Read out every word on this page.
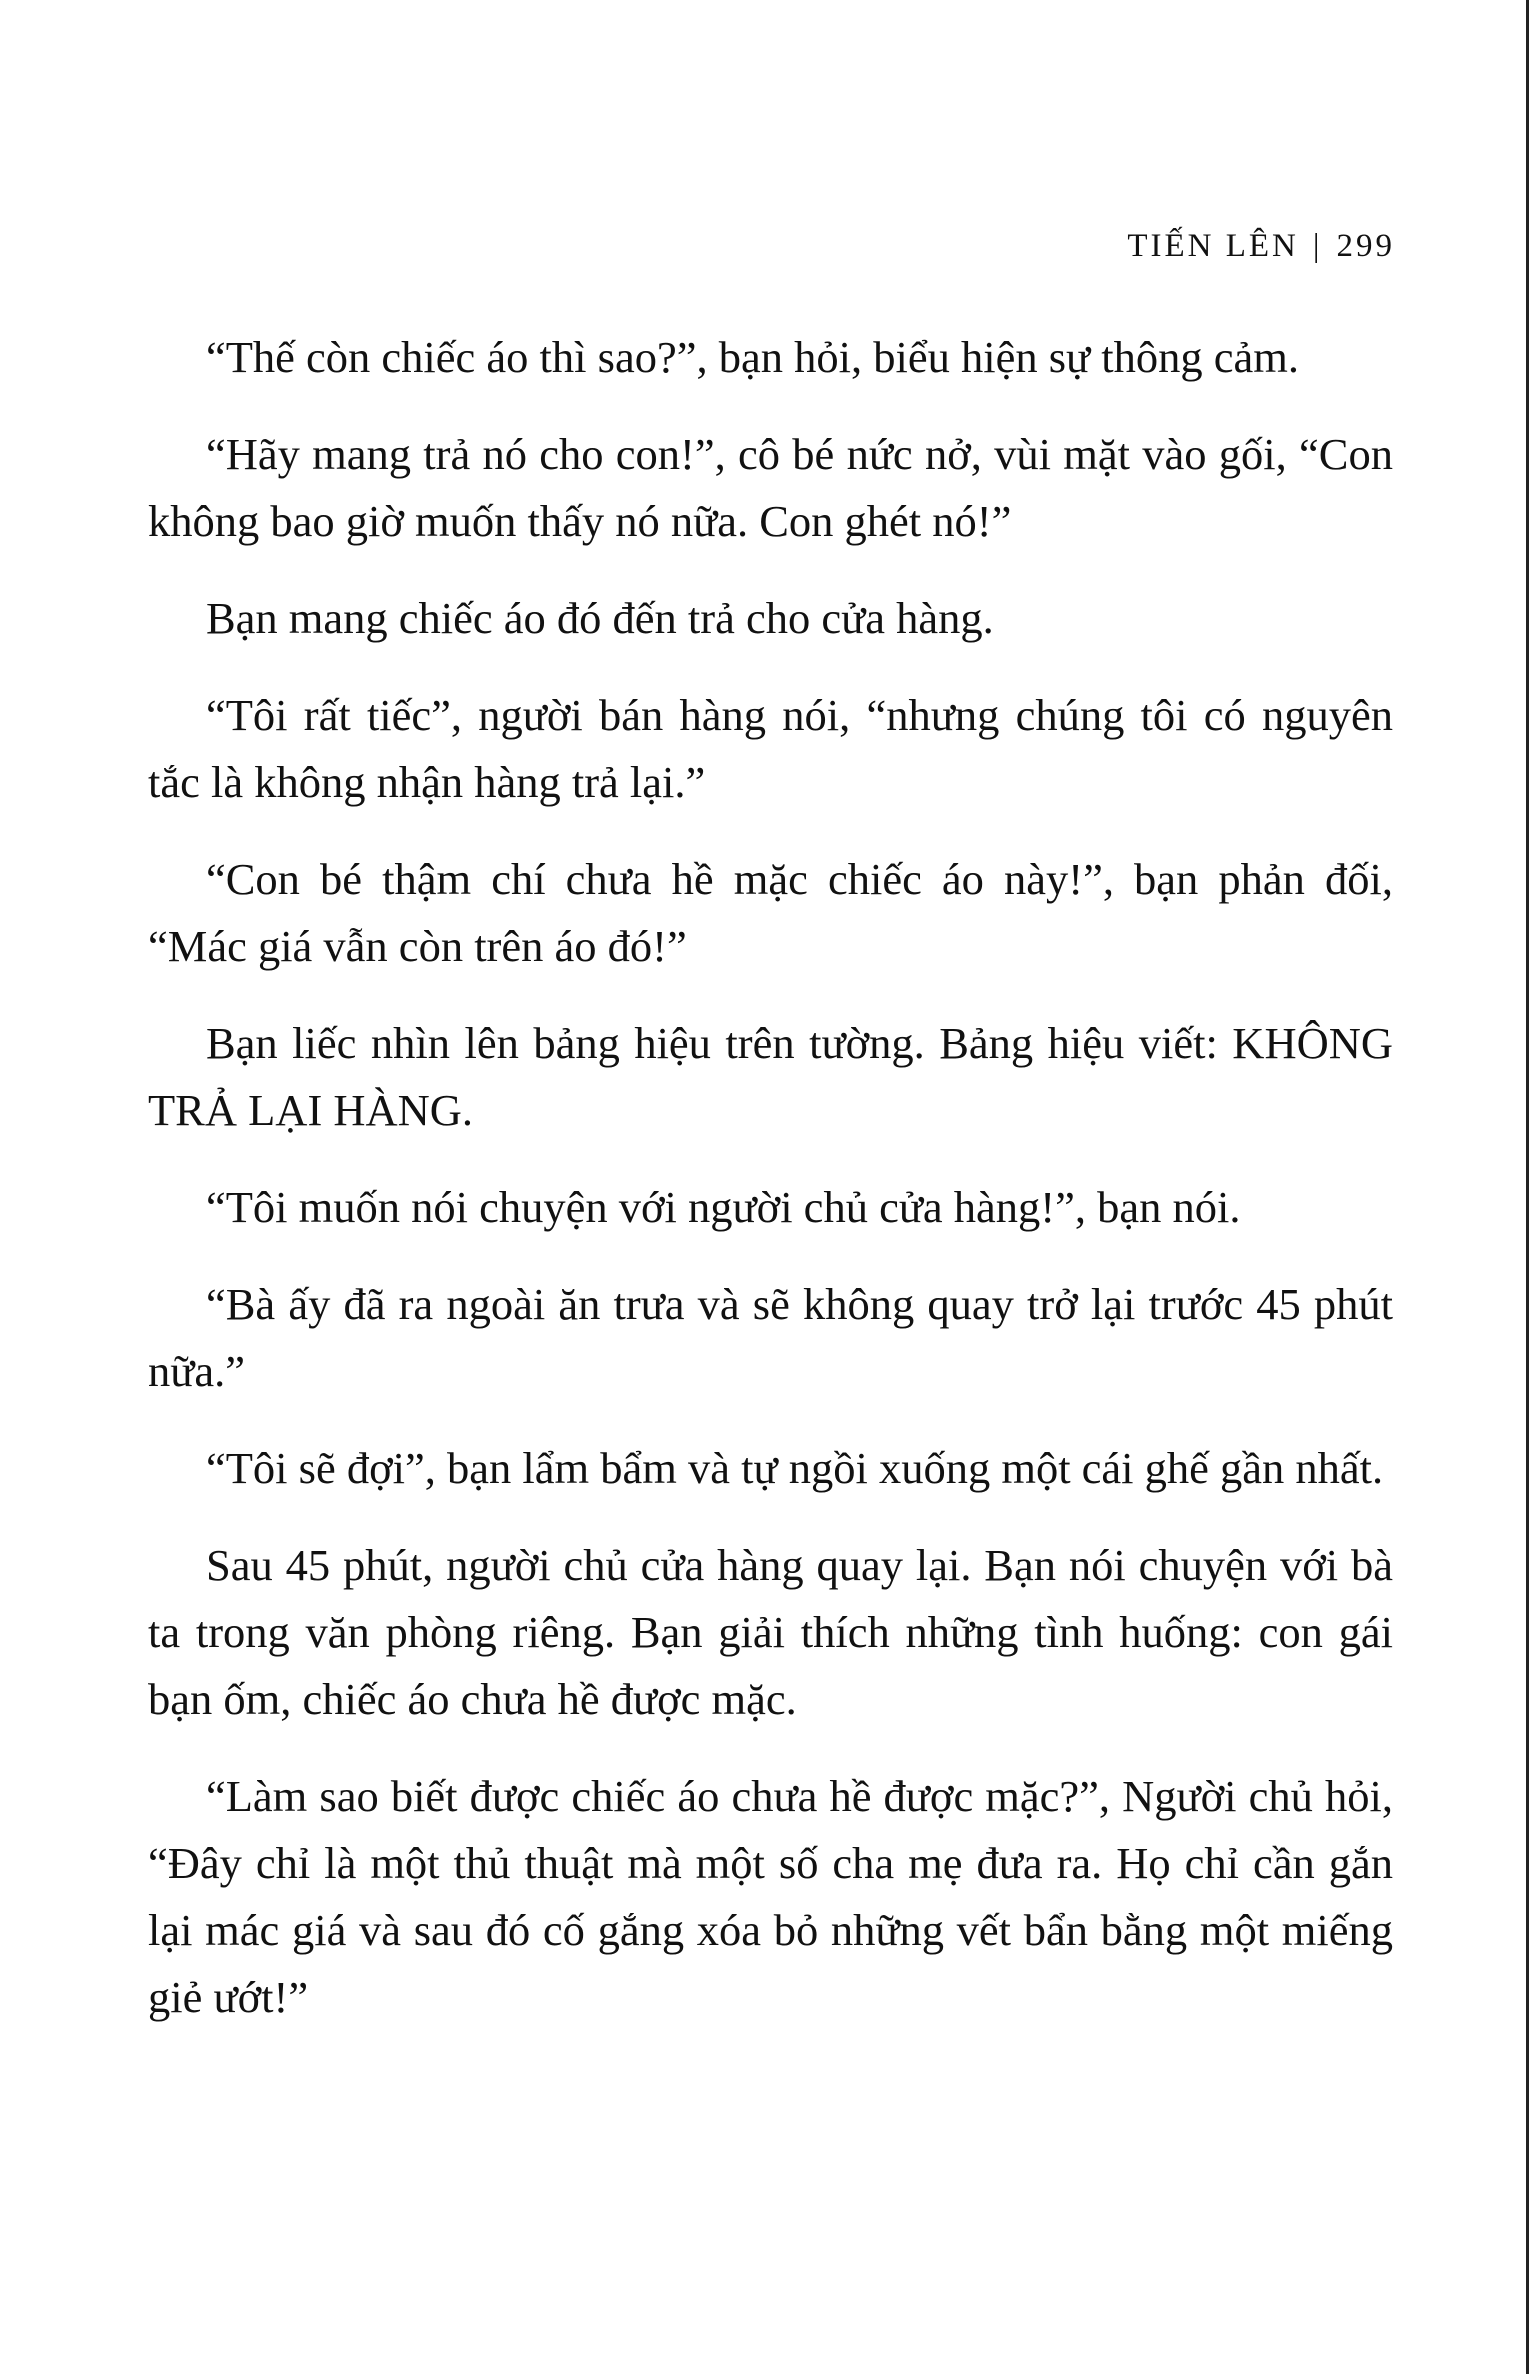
TIẾN LÊN | 299

“Thế còn chiếc áo thì sao?”, bạn hỏi, biểu hiện sự thông cảm.

“Hãy mang trả nó cho con!”, cô bé nức nở, vùi mặt vào gối, “Con không bao giờ muốn thấy nó nữa. Con ghét nó!”

Bạn mang chiếc áo đó đến trả cho cửa hàng.

“Tôi rất tiếc”, người bán hàng nói, “nhưng chúng tôi có nguyên tắc là không nhận hàng trả lại.”

“Con bé thậm chí chưa hề mặc chiếc áo này!”, bạn phản đối, “Mác giá vẫn còn trên áo đó!”

Bạn liếc nhìn lên bảng hiệu trên tường. Bảng hiệu viết: KHÔNG TRẢ LẠI HÀNG.

“Tôi muốn nói chuyện với người chủ cửa hàng!”, bạn nói.

“Bà ấy đã ra ngoài ăn trưa và sẽ không quay trở lại trước 45 phút nữa.”

“Tôi sẽ đợi”, bạn lẩm bẩm và tự ngồi xuống một cái ghế gần nhất.

Sau 45 phút, người chủ cửa hàng quay lại. Bạn nói chuyện với bà ta trong văn phòng riêng. Bạn giải thích những tình huống: con gái bạn ốm, chiếc áo chưa hề được mặc.

“Làm sao biết được chiếc áo chưa hề được mặc?”, Người chủ hỏi, “Đây chỉ là một thủ thuật mà một số cha mẹ đưa ra. Họ chỉ cần gắn lại mác giá và sau đó cố gắng xóa bỏ những vết bẩn bằng một miếng giẻ ướt!”
